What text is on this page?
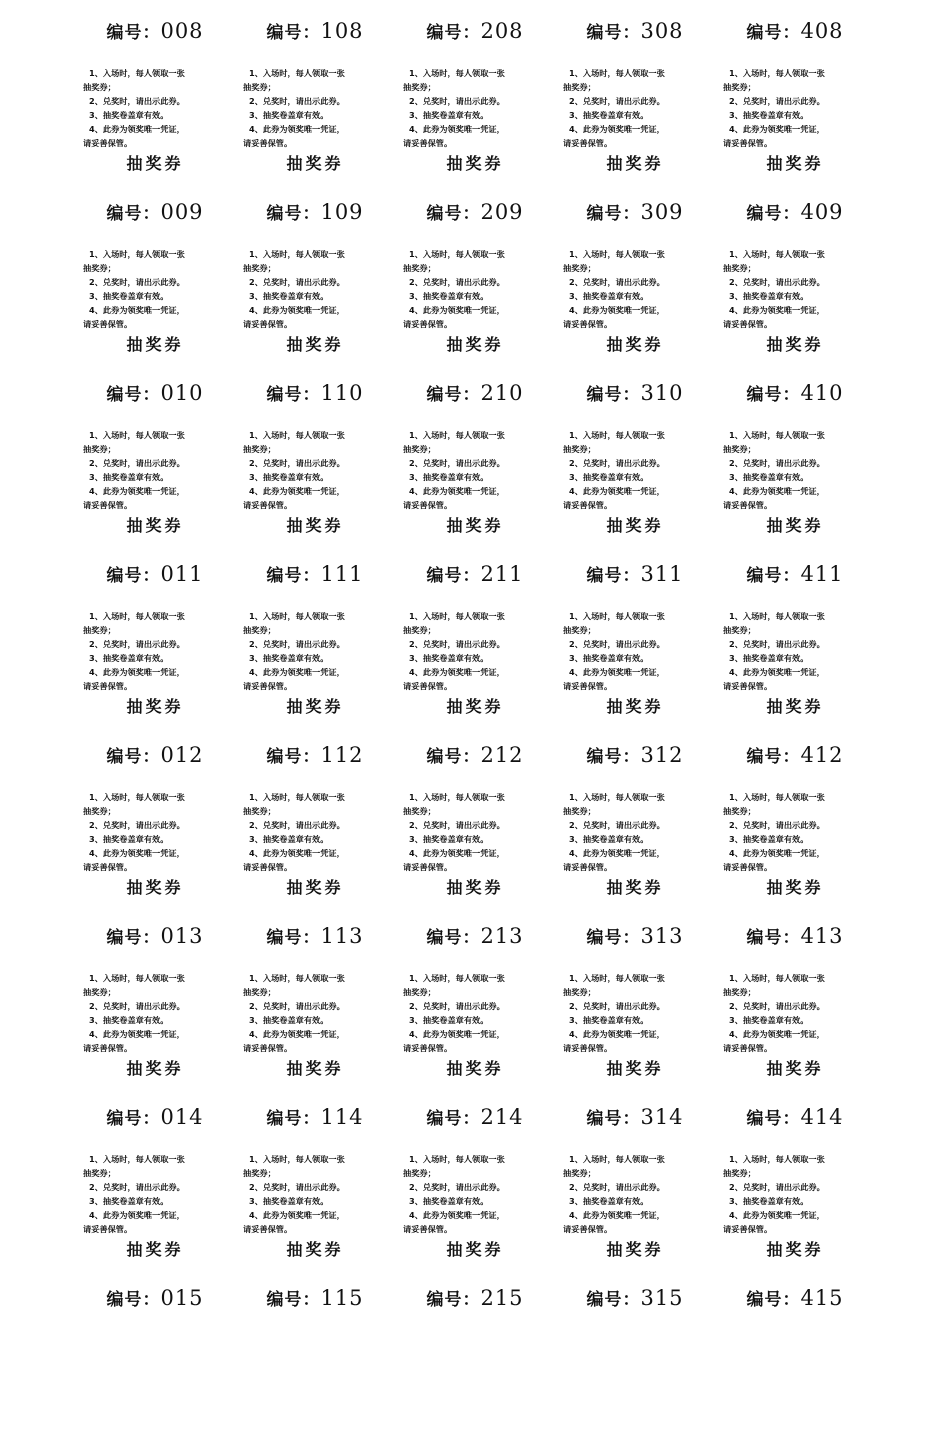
编号：008
1、入场时，每人领取一张
抽奖券；
2、兑奖时，请出示此券。
3、抽奖卷盖章有效。
4、此券为领奖唯一凭证，
请妥善保管。
抽奖券
编号：108
1、入场时，每人领取一张
抽奖券；
2、兑奖时，请出示此券。
3、抽奖卷盖章有效。
4、此券为领奖唯一凭证，
请妥善保管。
抽奖券
编号：208
1、入场时，每人领取一张
抽奖券；
2、兑奖时，请出示此券。
3、抽奖卷盖章有效。
4、此券为领奖唯一凭证，
请妥善保管。
抽奖券
编号：308
1、入场时，每人领取一张
抽奖券；
2、兑奖时，请出示此券。
3、抽奖卷盖章有效。
4、此券为领奖唯一凭证，
请妥善保管。
抽奖券
编号：408
1、入场时，每人领取一张
抽奖券；
2、兑奖时，请出示此券。
3、抽奖卷盖章有效。
4、此券为领奖唯一凭证，
请妥善保管。
抽奖券
编号：009
1、入场时，每人领取一张
抽奖券；
2、兑奖时，请出示此券。
3、抽奖卷盖章有效。
4、此券为领奖唯一凭证，
请妥善保管。
抽奖券
编号：109
1、入场时，每人领取一张
抽奖券；
2、兑奖时，请出示此券。
3、抽奖卷盖章有效。
4、此券为领奖唯一凭证，
请妥善保管。
抽奖券
编号：209
1、入场时，每人领取一张
抽奖券；
2、兑奖时，请出示此券。
3、抽奖卷盖章有效。
4、此券为领奖唯一凭证，
请妥善保管。
抽奖券
编号：309
1、入场时，每人领取一张
抽奖券；
2、兑奖时，请出示此券。
3、抽奖卷盖章有效。
4、此券为领奖唯一凭证，
请妥善保管。
抽奖券
编号：409
1、入场时，每人领取一张
抽奖券；
2、兑奖时，请出示此券。
3、抽奖卷盖章有效。
4、此券为领奖唯一凭证，
请妥善保管。
抽奖券
编号：010
1、入场时，每人领取一张
抽奖券；
2、兑奖时，请出示此券。
3、抽奖卷盖章有效。
4、此券为领奖唯一凭证，
请妥善保管。
抽奖券
编号：110
1、入场时，每人领取一张
抽奖券；
2、兑奖时，请出示此券。
3、抽奖卷盖章有效。
4、此券为领奖唯一凭证，
请妥善保管。
抽奖券
编号：210
1、入场时，每人领取一张
抽奖券；
2、兑奖时，请出示此券。
3、抽奖卷盖章有效。
4、此券为领奖唯一凭证，
请妥善保管。
抽奖券
编号：310
1、入场时，每人领取一张
抽奖券；
2、兑奖时，请出示此券。
3、抽奖卷盖章有效。
4、此券为领奖唯一凭证，
请妥善保管。
抽奖券
编号：410
1、入场时，每人领取一张
抽奖券；
2、兑奖时，请出示此券。
3、抽奖卷盖章有效。
4、此券为领奖唯一凭证，
请妥善保管。
抽奖券
编号：011
1、入场时，每人领取一张
抽奖券；
2、兑奖时，请出示此券。
3、抽奖卷盖章有效。
4、此券为领奖唯一凭证，
请妥善保管。
抽奖券
编号：111
1、入场时，每人领取一张
抽奖券；
2、兑奖时，请出示此券。
3、抽奖卷盖章有效。
4、此券为领奖唯一凭证，
请妥善保管。
抽奖券
编号：211
1、入场时，每人领取一张
抽奖券；
2、兑奖时，请出示此券。
3、抽奖卷盖章有效。
4、此券为领奖唯一凭证，
请妥善保管。
抽奖券
编号：311
1、入场时，每人领取一张
抽奖券；
2、兑奖时，请出示此券。
3、抽奖卷盖章有效。
4、此券为领奖唯一凭证，
请妥善保管。
抽奖券
编号：411
1、入场时，每人领取一张
抽奖券；
2、兑奖时，请出示此券。
3、抽奖卷盖章有效。
4、此券为领奖唯一凭证，
请妥善保管。
抽奖券
编号：012
1、入场时，每人领取一张
抽奖券；
2、兑奖时，请出示此券。
3、抽奖卷盖章有效。
4、此券为领奖唯一凭证，
请妥善保管。
抽奖券
编号：112
1、入场时，每人领取一张
抽奖券；
2、兑奖时，请出示此券。
3、抽奖卷盖章有效。
4、此券为领奖唯一凭证，
请妥善保管。
抽奖券
编号：212
1、入场时，每人领取一张
抽奖券；
2、兑奖时，请出示此券。
3、抽奖卷盖章有效。
4、此券为领奖唯一凭证，
请妥善保管。
抽奖券
编号：312
1、入场时，每人领取一张
抽奖券；
2、兑奖时，请出示此券。
3、抽奖卷盖章有效。
4、此券为领奖唯一凭证，
请妥善保管。
抽奖券
编号：412
1、入场时，每人领取一张
抽奖券；
2、兑奖时，请出示此券。
3、抽奖卷盖章有效。
4、此券为领奖唯一凭证，
请妥善保管。
抽奖券
编号：013
1、入场时，每人领取一张
抽奖券；
2、兑奖时，请出示此券。
3、抽奖卷盖章有效。
4、此券为领奖唯一凭证，
请妥善保管。
抽奖券
编号：113
1、入场时，每人领取一张
抽奖券；
2、兑奖时，请出示此券。
3、抽奖卷盖章有效。
4、此券为领奖唯一凭证，
请妥善保管。
抽奖券
编号：213
1、入场时，每人领取一张
抽奖券；
2、兑奖时，请出示此券。
3、抽奖卷盖章有效。
4、此券为领奖唯一凭证，
请妥善保管。
抽奖券
编号：313
1、入场时，每人领取一张
抽奖券；
2、兑奖时，请出示此券。
3、抽奖卷盖章有效。
4、此券为领奖唯一凭证，
请妥善保管。
抽奖券
编号：413
1、入场时，每人领取一张
抽奖券；
2、兑奖时，请出示此券。
3、抽奖卷盖章有效。
4、此券为领奖唯一凭证，
请妥善保管。
抽奖券
编号：014
1、入场时，每人领取一张
抽奖券；
2、兑奖时，请出示此券。
3、抽奖卷盖章有效。
4、此券为领奖唯一凭证，
请妥善保管。
抽奖券
编号：114
1、入场时，每人领取一张
抽奖券；
2、兑奖时，请出示此券。
3、抽奖卷盖章有效。
4、此券为领奖唯一凭证，
请妥善保管。
抽奖券
编号：214
1、入场时，每人领取一张
抽奖券；
2、兑奖时，请出示此券。
3、抽奖卷盖章有效。
4、此券为领奖唯一凭证，
请妥善保管。
抽奖券
编号：314
1、入场时，每人领取一张
抽奖券；
2、兑奖时，请出示此券。
3、抽奖卷盖章有效。
4、此券为领奖唯一凭证，
请妥善保管。
抽奖券
编号：414
1、入场时，每人领取一张
抽奖券；
2、兑奖时，请出示此券。
3、抽奖卷盖章有效。
4、此券为领奖唯一凭证，
请妥善保管。
抽奖券
编号：015	编号：115	编号：215	编号：315	编号：415
